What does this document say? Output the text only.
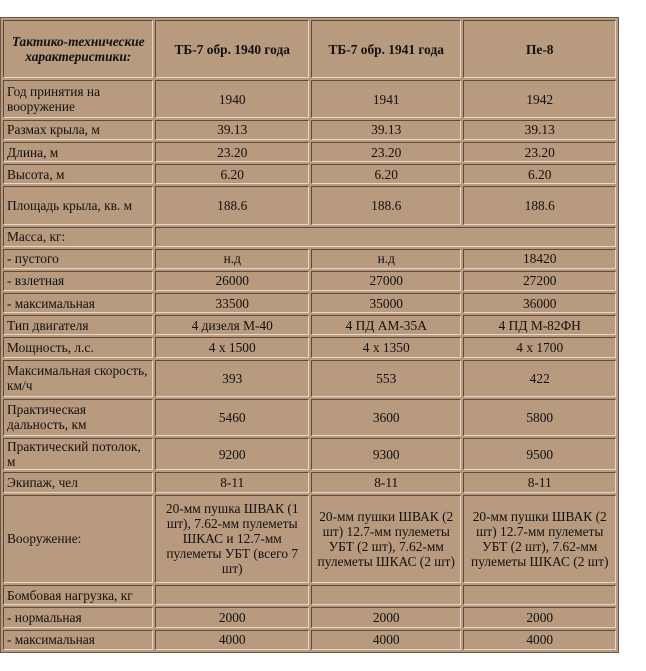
Тактико-технические характеристики:	ТБ-7 обр. 1940 года	ТБ-7 обр. 1941 года	Пе-8
Год принятия на вооружение	1940	1941	1942
Размах крыла, м	39.13	39.13	39.13
Длина, м	23.20	23.20	23.20
Высота, м	6.20	6.20	6.20
Площадь крыла, кв. м	188.6	188.6	188.6
Масса, кг:			
- пустого	н.д	н.д	18420
- взлетная	26000	27000	27200
- максимальная	33500	35000	36000
Тип двигателя	4 дизеля М-40	4 ПД АМ-35А	4 ПД М-82ФН
Мощность, л.с.	4 x 1500	4 x 1350	4 x 1700
Максимальная скорость, км/ч	393	553	422
Практическая дальность, км	5460	3600	5800
Практический потолок, м	9200	9300	9500
Экипаж, чел	8-11	8-11	8-11
Вооружение:	20-мм пушка ШВАК (1 шт), 7.62-мм пулеметы ШКАС и 12.7-мм пулеметы УБТ (всего 7 шт)	20-мм пушки ШВАК (2 шт) 12.7-мм пулеметы УБТ (2 шт), 7.62-мм пулеметы ШКАС (2 шт)	20-мм пушки ШВАК (2 шт) 12.7-мм пулеметы УБТ (2 шт), 7.62-мм пулеметы ШКАС (2 шт)
Бомбовая нагрузка, кг			
- нормальная	2000	2000	2000
- максимальная	4000	4000	4000
